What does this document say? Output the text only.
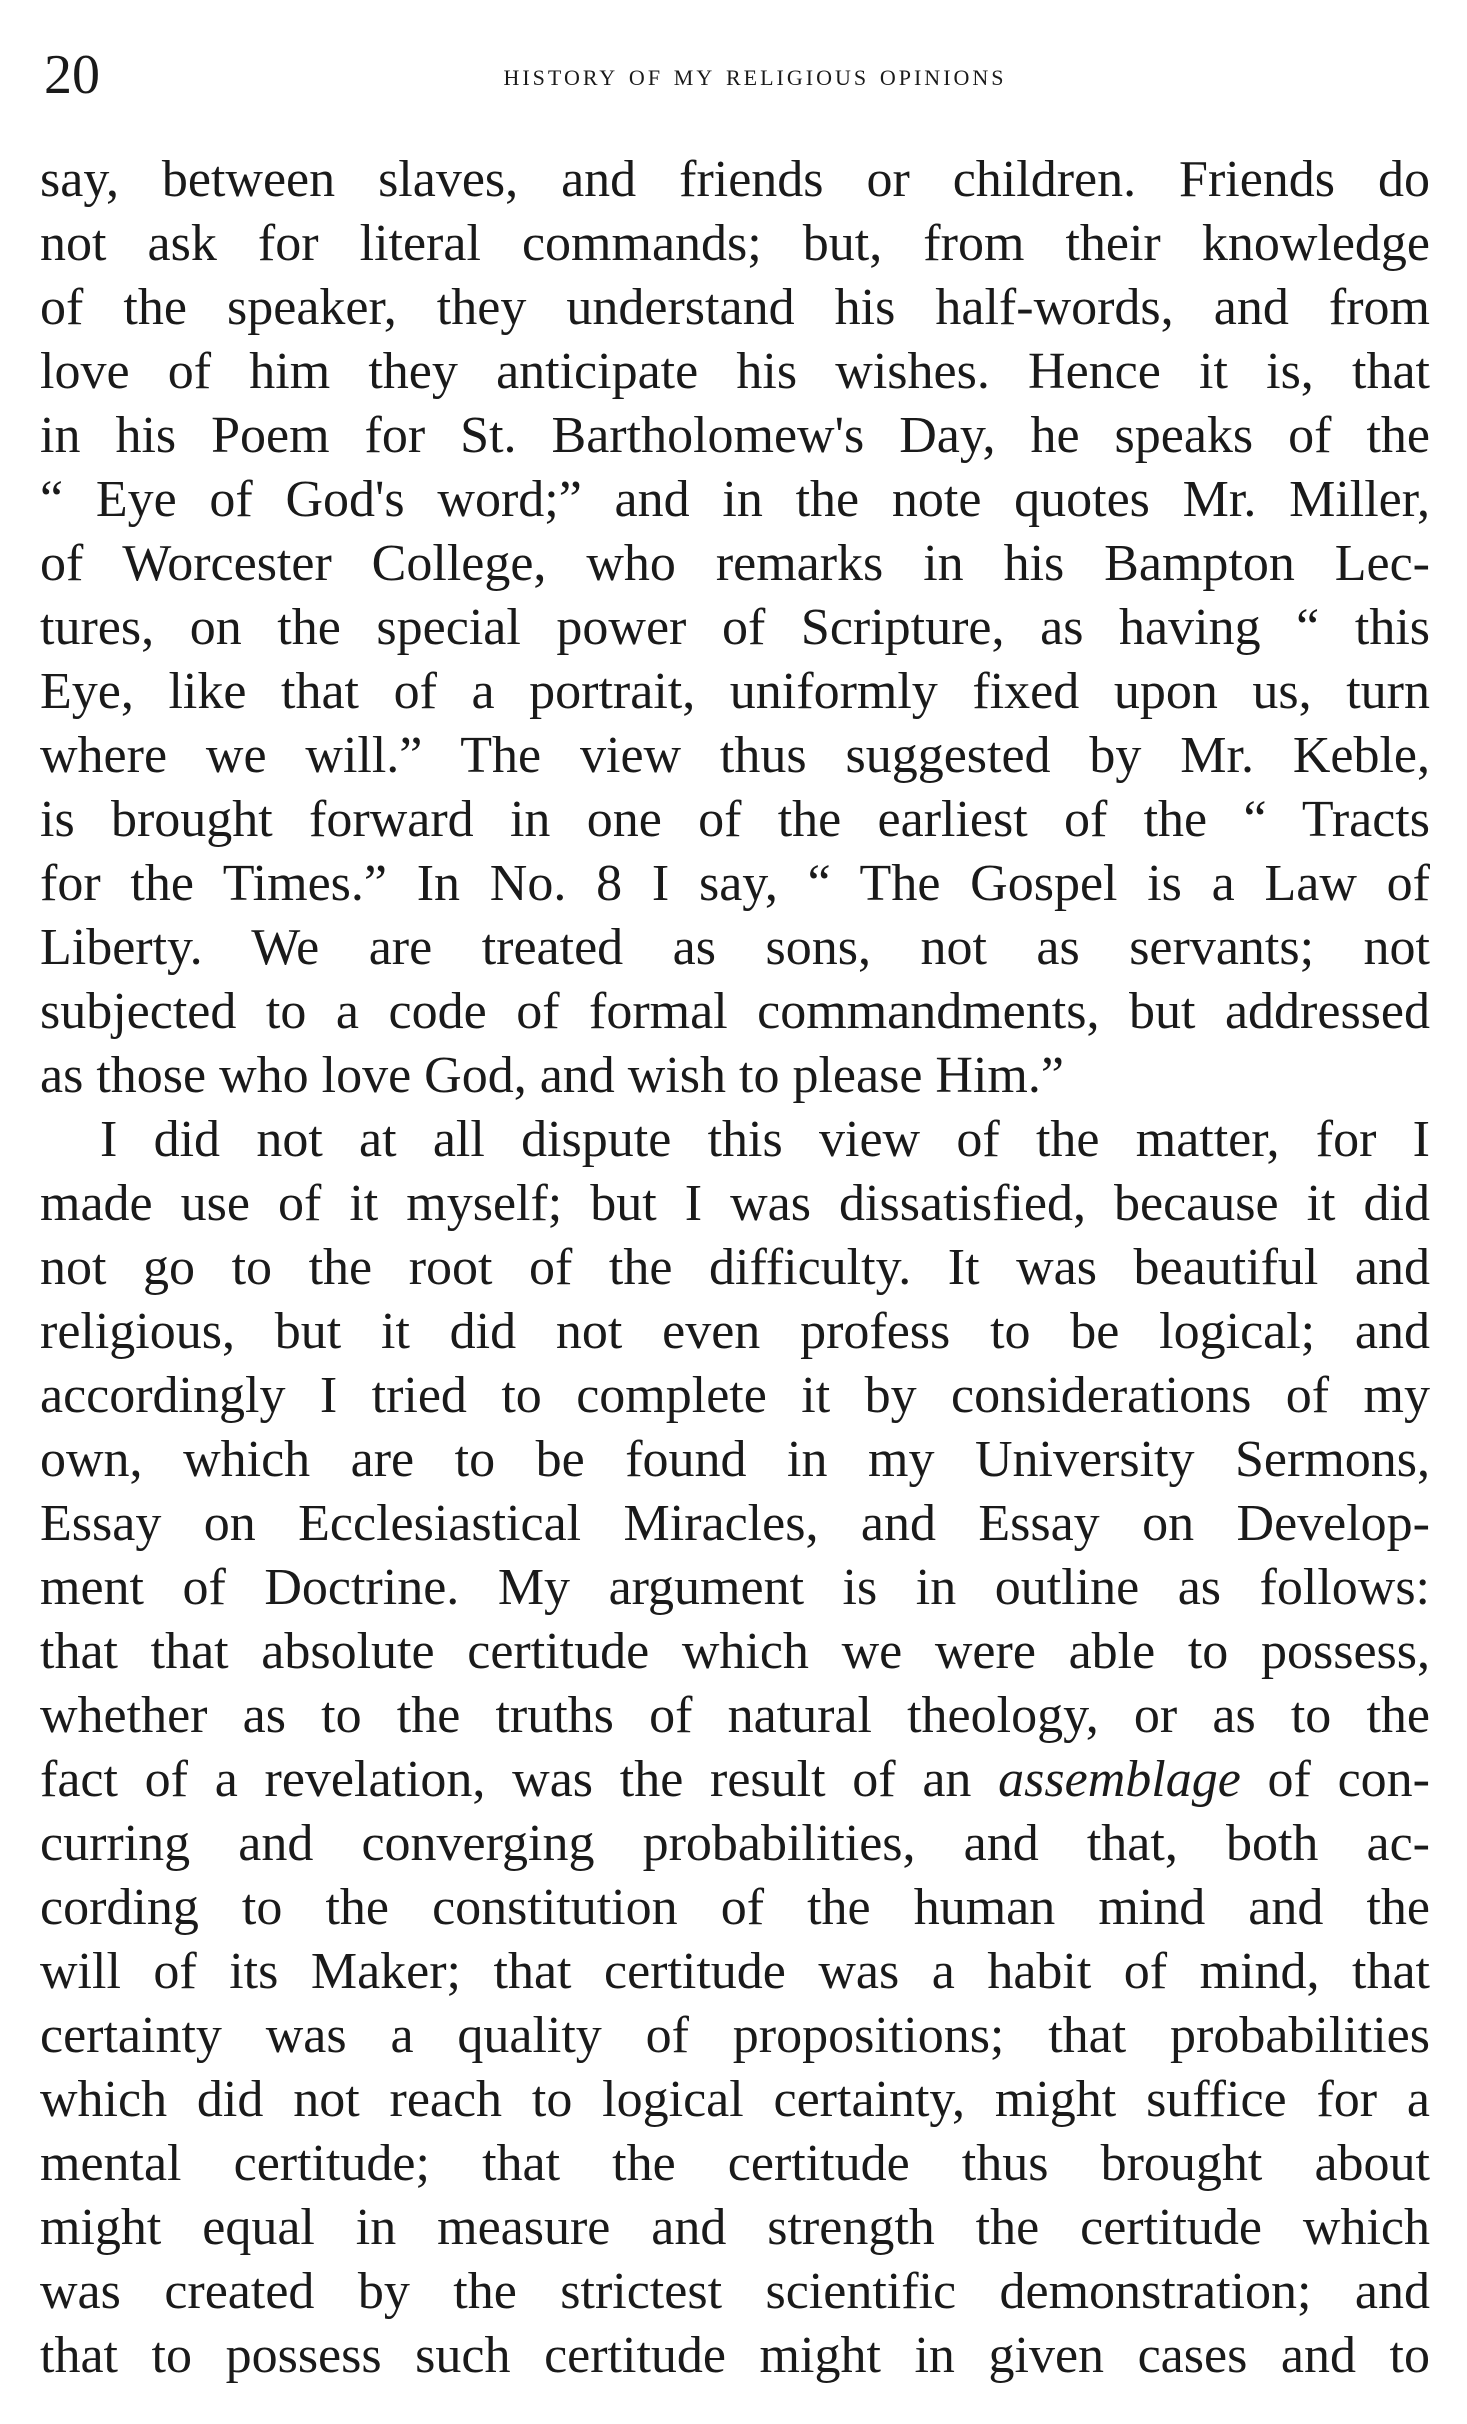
20	history of my religious opinions
say, between slaves, and friends or children. Friends do
not ask for literal commands; but, from their knowledge
of the speaker, they understand his half-words, and from
love of him they anticipate his wishes. Hence it is, that
in his Poem for St. Bartholomew's Day, he speaks of the
“ Eye of God's word;” and in the note quotes Mr. Miller,
of Worcester College, who remarks in his Bampton Lec-
tures, on the special power of Scripture, as having “ this
Eye, like that of a portrait, uniformly fixed upon us, turn
where we will.” The view thus suggested by Mr. Keble,
is brought forward in one of the earliest of the “ Tracts
for the Times.” In No. 8 I say, “ The Gospel is a Law of
Liberty. We are treated as sons, not as servants; not
subjected to a code of formal commandments, but addressed
as those who love God, and wish to please Him.”
I did not at all dispute this view of the matter, for I
made use of it myself; but I was dissatisfied, because it did
not go to the root of the difficulty. It was beautiful and
religious, but it did not even profess to be logical; and
accordingly I tried to complete it by considerations of my
own, which are to be found in my University Sermons,
Essay on Ecclesiastical Miracles, and Essay on Develop-
ment of Doctrine. My argument is in outline as follows:
that that absolute certitude which we were able to possess,
whether as to the truths of natural theology, or as to the
fact of a revelation, was the result of an assemblage of con-
curring and converging probabilities, and that, both ac-
cording to the constitution of the human mind and the
will of its Maker; that certitude was a habit of mind, that
certainty was a quality of propositions; that probabilities
which did not reach to logical certainty, might suffice for a
mental certitude; that the certitude thus brought about
might equal in measure and strength the certitude which
was created by the strictest scientific demonstration; and
that to possess such certitude might in given cases and to
